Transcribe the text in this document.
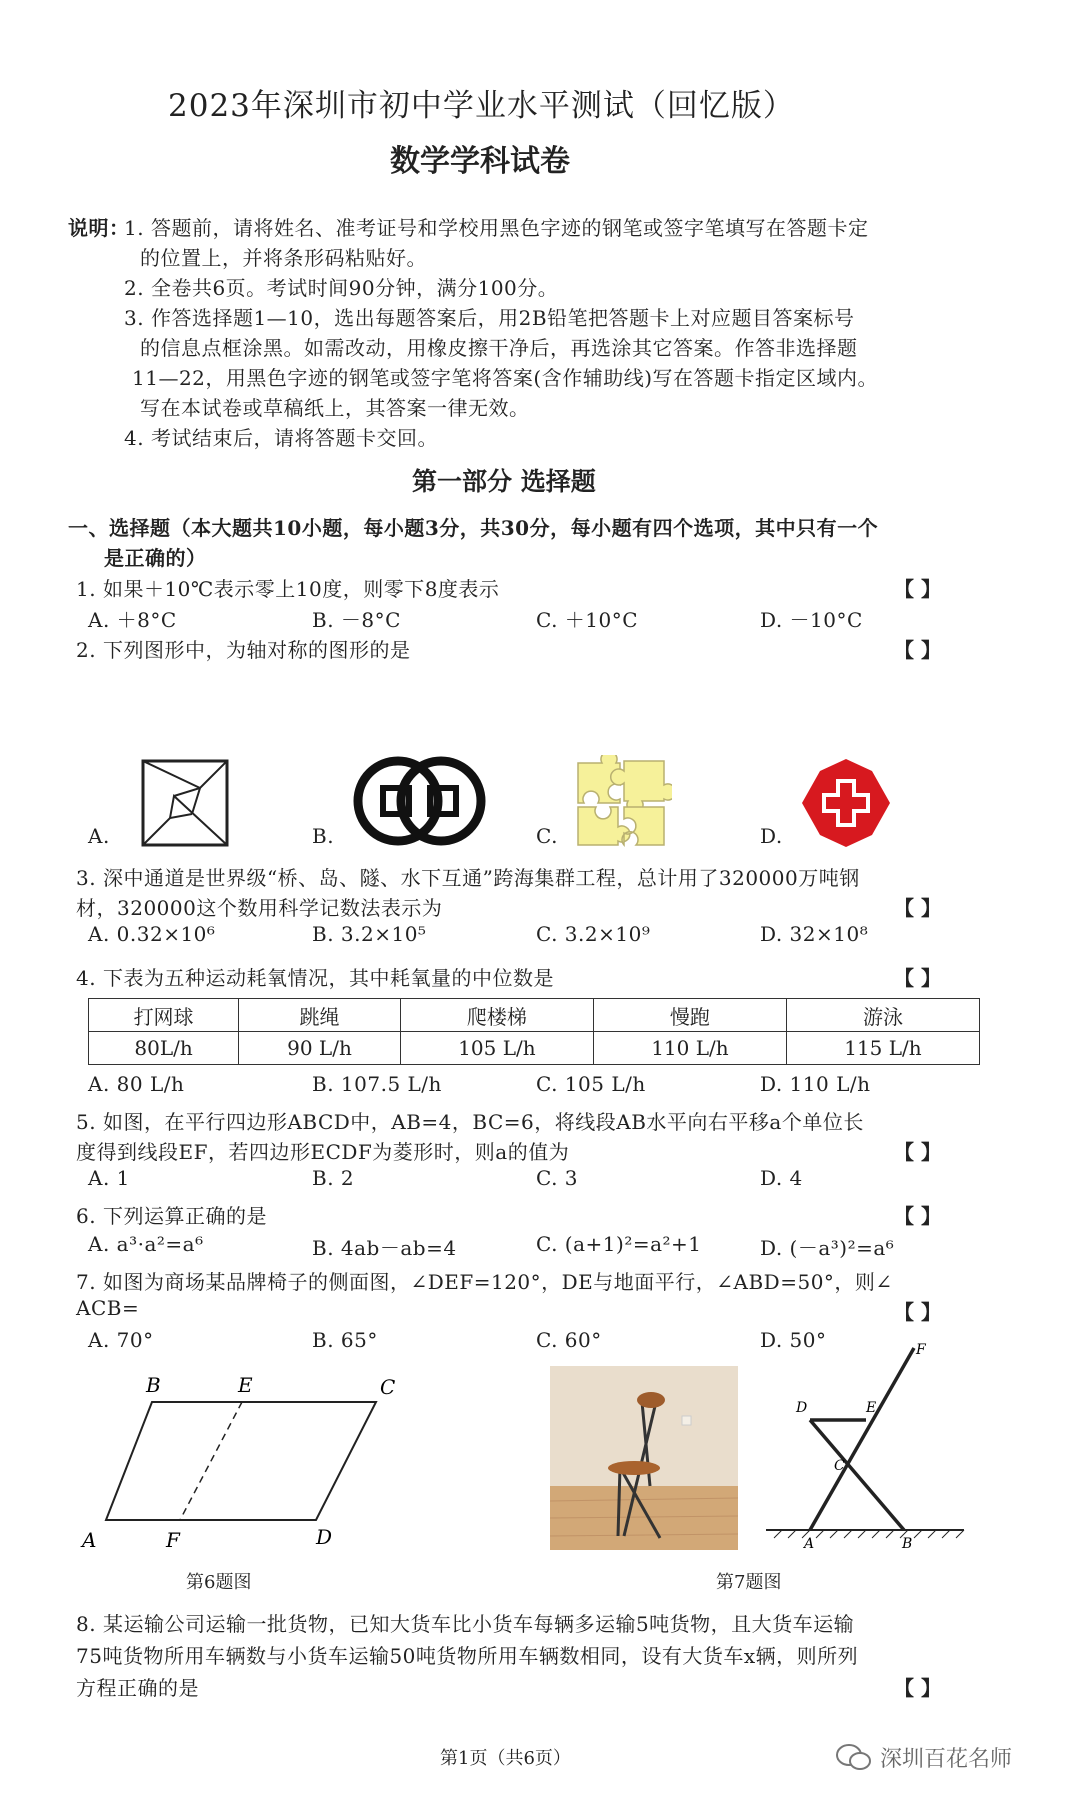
2023年深圳市初中学业水平测试（回忆版）
数学学科试卷
说明：
1. 答题前，请将姓名、准考证号和学校用黑色字迹的钢笔或签字笔填写在答题卡定
的位置上，并将条形码粘贴好。
2. 全卷共6页。考试时间90分钟，满分100分。
3. 作答选择题1—10，选出每题答案后，用2B铅笔把答题卡上对应题目答案标号
的信息点框涂黑。如需改动，用橡皮擦干净后，再选涂其它答案。作答非选择题
11—22，用黑色字迹的钢笔或签字笔将答案(含作辅助线)写在答题卡指定区域内。
写在本试卷或草稿纸上，其答案一律无效。
4. 考试结束后，请将答题卡交回。
第一部分 选择题
一、选择题（本大题共10小题，每小题3分，共30分，每小题有四个选项，其中只有一个
是正确的）
1. 如果＋10℃表示零上10度，则零下8度表示	【 】
A. ＋8°C	B. －8°C	C. ＋10°C	D. －10°C
2. 下列图形中，为轴对称的图形的是	【 】
A.	B.	C.	D.
3. 深中通道是世界级“桥、岛、隧、水下互通”跨海集群工程，总计用了320000万吨钢
材，320000这个数用科学记数法表示为	【 】
A. 0.32×10⁶	B. 3.2×10⁵	C. 3.2×10⁹	D. 32×10⁸
4. 下表为五种运动耗氧情况，其中耗氧量的中位数是	【 】
打网球	跳绳	爬楼梯	慢跑	游泳
80L/h	90 L/h	105 L/h	110 L/h	115 L/h
A. 80 L/h	B. 107.5 L/h	C. 105 L/h	D. 110 L/h
5. 如图，在平行四边形ABCD中，AB=4，BC=6，将线段AB水平向右平移a个单位长
度得到线段EF，若四边形ECDF为菱形时，则a的值为	【 】
A. 1	B. 2	C. 3	D. 4
6. 下列运算正确的是	【 】
A. a³·a²=a⁶	B. 4ab－ab=4	C. (a+1)²=a²+1	D. (－a³)²=a⁶
7. 如图为商场某品牌椅子的侧面图，∠DEF=120°，DE与地面平行，∠ABD=50°，则∠
ACB=	【 】
A. 70°	B. 65°	C. 60°	D. 50°
B	E	C
A	F	D
第6题图
F
D	E
C
A	B
第7题图
8. 某运输公司运输一批货物，已知大货车比小货车每辆多运输5吨货物，且大货车运输
75吨货物所用车辆数与小货车运输50吨货物所用车辆数相同，设有大货车x辆，则所列
方程正确的是	【 】
第1页（共6页）	深圳百花名师
